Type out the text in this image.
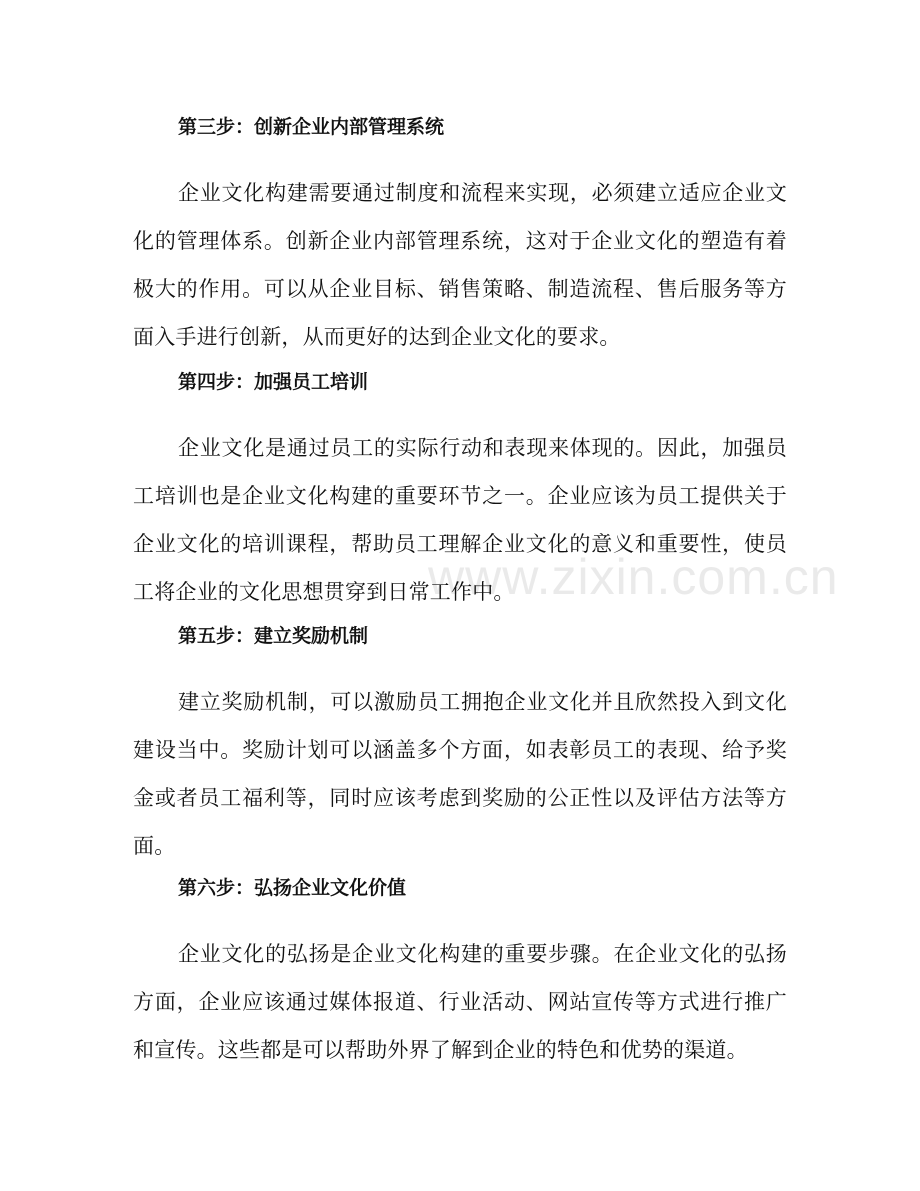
www.zixin.com.cn

第三步：创新企业内部管理系统

企业文化构建需要通过制度和流程来实现，必须建立适应企业文化的管理体系。创新企业内部管理系统，这对于企业文化的塑造有着极大的作用。可以从企业目标、销售策略、制造流程、售后服务等方面入手进行创新，从而更好的达到企业文化的要求。

第四步：加强员工培训

企业文化是通过员工的实际行动和表现来体现的。因此，加强员工培训也是企业文化构建的重要环节之一。企业应该为员工提供关于企业文化的培训课程，帮助员工理解企业文化的意义和重要性，使员工将企业的文化思想贯穿到日常工作中。

第五步：建立奖励机制

建立奖励机制，可以激励员工拥抱企业文化并且欣然投入到文化建设当中。奖励计划可以涵盖多个方面，如表彰员工的表现、给予奖金或者员工福利等，同时应该考虑到奖励的公正性以及评估方法等方面。

第六步：弘扬企业文化价值

企业文化的弘扬是企业文化构建的重要步骤。在企业文化的弘扬方面，企业应该通过媒体报道、行业活动、网站宣传等方式进行推广和宣传。这些都是可以帮助外界了解到企业的特色和优势的渠道。
